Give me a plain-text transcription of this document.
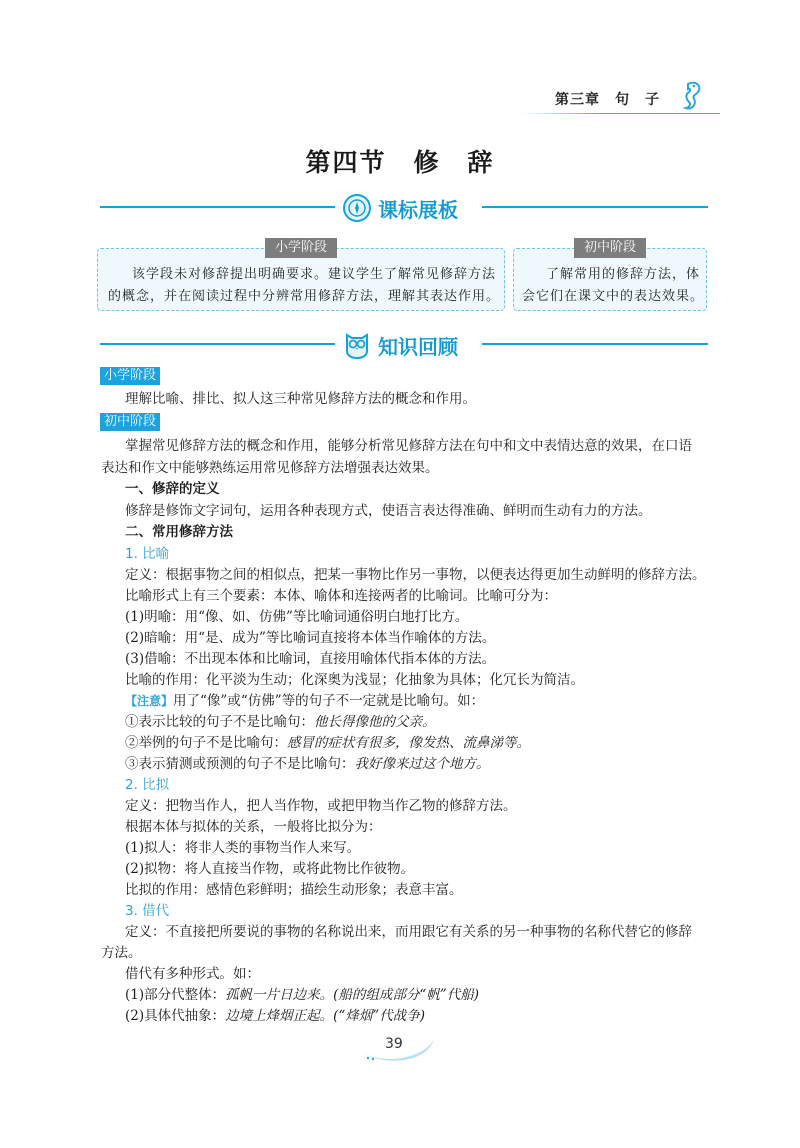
第三章　句　子
第四节　修　辞
课标展板
小学阶段
该学段未对修辞提出明确要求。建议学生了解常见修辞方法
的概念，并在阅读过程中分辨常用修辞方法，理解其表达作用。
初中阶段
了解常用的修辞方法，体
会它们在课文中的表达效果。
知识回顾
小学阶段
理解比喻、排比、拟人这三种常见修辞方法的概念和作用。
初中阶段
掌握常见修辞方法的概念和作用，能够分析常见修辞方法在句中和文中表情达意的效果，在口语
表达和作文中能够熟练运用常见修辞方法增强表达效果。
一、修辞的定义
修辞是修饰文字词句，运用各种表现方式，使语言表达得准确、鲜明而生动有力的方法。
二、常用修辞方法
1. 比喻
定义：根据事物之间的相似点，把某一事物比作另一事物，以便表达得更加生动鲜明的修辞方法。
比喻形式上有三个要素：本体、喻体和连接两者的比喻词。比喻可分为：
(1)明喻：用“像、如、仿佛”等比喻词通俗明白地打比方。
(2)暗喻：用“是、成为”等比喻词直接将本体当作喻体的方法。
(3)借喻：不出现本体和比喻词，直接用喻体代指本体的方法。
比喻的作用：化平淡为生动；化深奥为浅显；化抽象为具体；化冗长为简洁。
【注意】用了“像”或“仿佛”等的句子不一定就是比喻句。如：
①表示比较的句子不是比喻句：他长得像他的父亲。
②举例的句子不是比喻句：感冒的症状有很多，像发热、流鼻涕等。
③表示猜测或预测的句子不是比喻句：我好像来过这个地方。
2. 比拟
定义：把物当作人，把人当作物，或把甲物当作乙物的修辞方法。
根据本体与拟体的关系，一般将比拟分为：
(1)拟人：将非人类的事物当作人来写。
(2)拟物：将人直接当作物，或将此物比作彼物。
比拟的作用：感情色彩鲜明；描绘生动形象；表意丰富。
3. 借代
定义：不直接把所要说的事物的名称说出来，而用跟它有关系的另一种事物的名称代替它的修辞
方法。
借代有多种形式。如：
(1)部分代整体：孤帆一片日边来。(船的组成部分“帆”代船)
(2)具体代抽象：边境上烽烟正起。(“烽烟”代战争)
39
